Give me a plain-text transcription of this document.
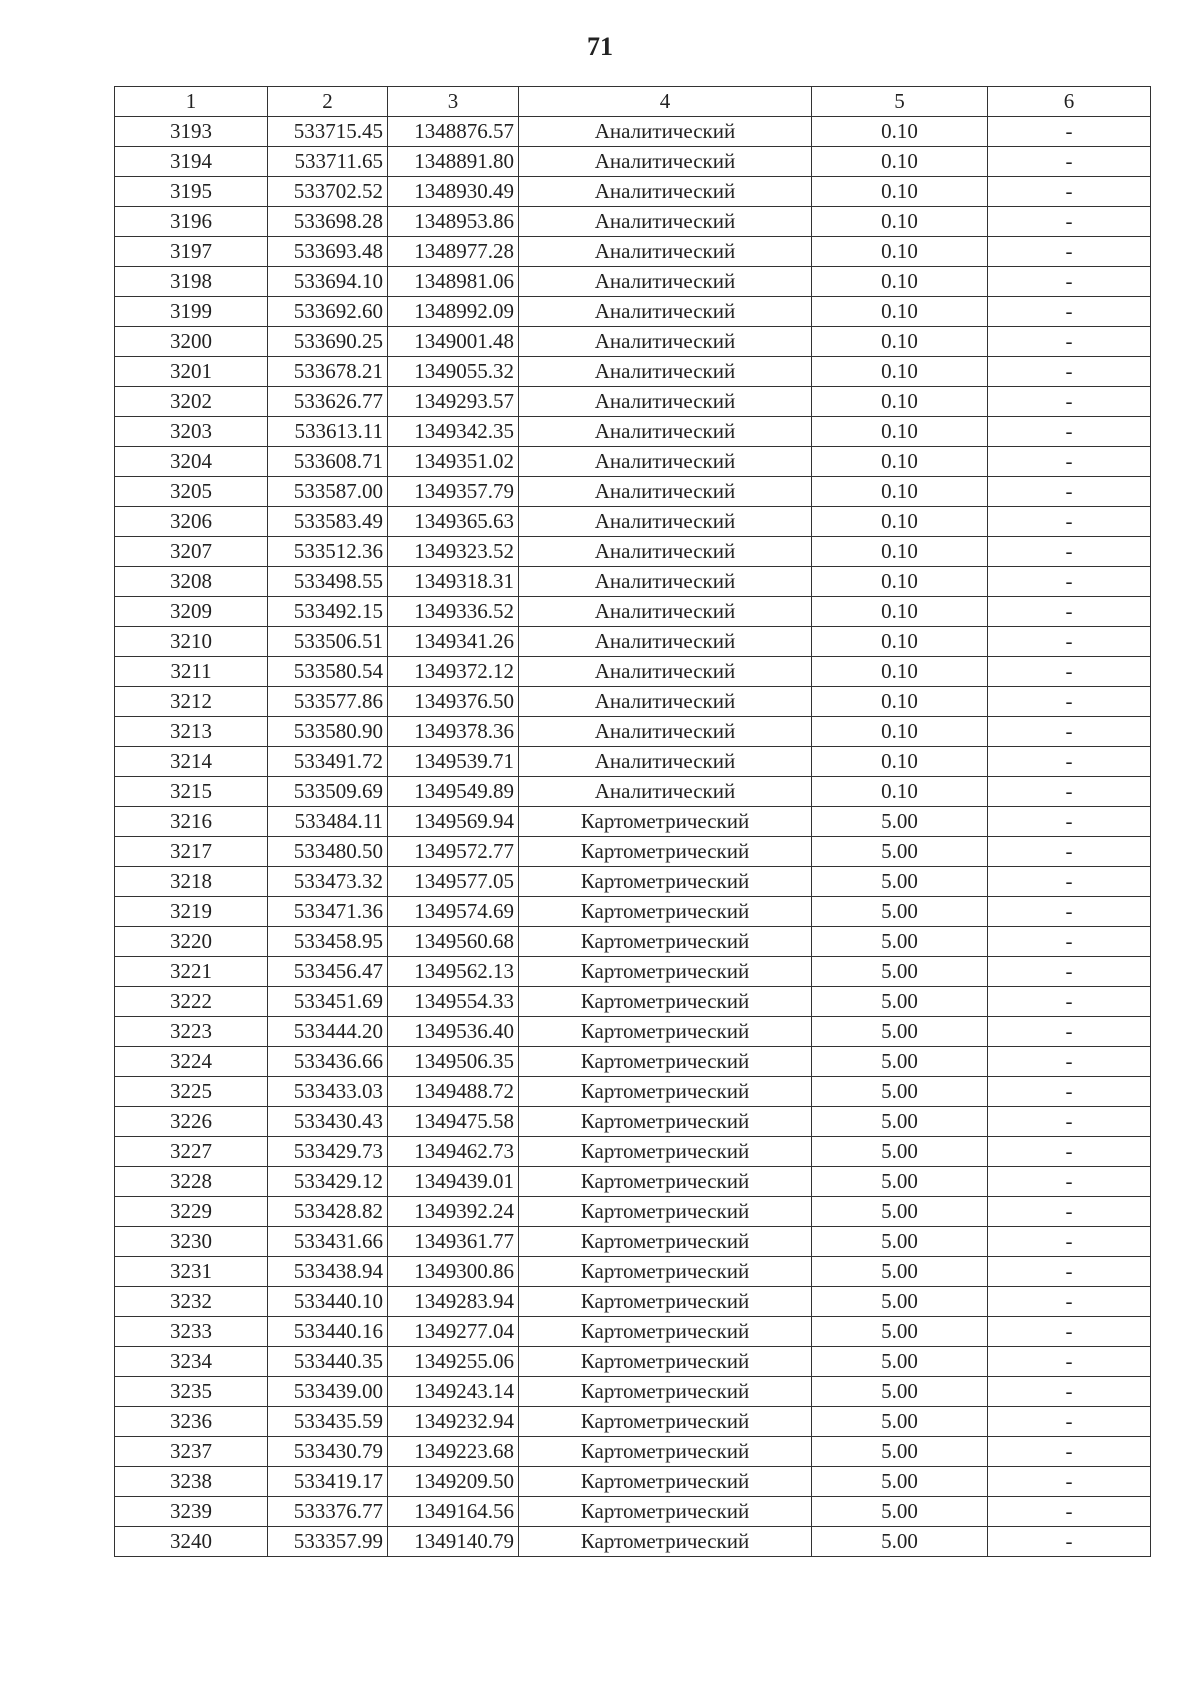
71
1	2	3	4	5	6
3193	533715.45	1348876.57	Аналитический	0.10	-
3194	533711.65	1348891.80	Аналитический	0.10	-
3195	533702.52	1348930.49	Аналитический	0.10	-
3196	533698.28	1348953.86	Аналитический	0.10	-
3197	533693.48	1348977.28	Аналитический	0.10	-
3198	533694.10	1348981.06	Аналитический	0.10	-
3199	533692.60	1348992.09	Аналитический	0.10	-
3200	533690.25	1349001.48	Аналитический	0.10	-
3201	533678.21	1349055.32	Аналитический	0.10	-
3202	533626.77	1349293.57	Аналитический	0.10	-
3203	533613.11	1349342.35	Аналитический	0.10	-
3204	533608.71	1349351.02	Аналитический	0.10	-
3205	533587.00	1349357.79	Аналитический	0.10	-
3206	533583.49	1349365.63	Аналитический	0.10	-
3207	533512.36	1349323.52	Аналитический	0.10	-
3208	533498.55	1349318.31	Аналитический	0.10	-
3209	533492.15	1349336.52	Аналитический	0.10	-
3210	533506.51	1349341.26	Аналитический	0.10	-
3211	533580.54	1349372.12	Аналитический	0.10	-
3212	533577.86	1349376.50	Аналитический	0.10	-
3213	533580.90	1349378.36	Аналитический	0.10	-
3214	533491.72	1349539.71	Аналитический	0.10	-
3215	533509.69	1349549.89	Аналитический	0.10	-
3216	533484.11	1349569.94	Картометрический	5.00	-
3217	533480.50	1349572.77	Картометрический	5.00	-
3218	533473.32	1349577.05	Картометрический	5.00	-
3219	533471.36	1349574.69	Картометрический	5.00	-
3220	533458.95	1349560.68	Картометрический	5.00	-
3221	533456.47	1349562.13	Картометрический	5.00	-
3222	533451.69	1349554.33	Картометрический	5.00	-
3223	533444.20	1349536.40	Картометрический	5.00	-
3224	533436.66	1349506.35	Картометрический	5.00	-
3225	533433.03	1349488.72	Картометрический	5.00	-
3226	533430.43	1349475.58	Картометрический	5.00	-
3227	533429.73	1349462.73	Картометрический	5.00	-
3228	533429.12	1349439.01	Картометрический	5.00	-
3229	533428.82	1349392.24	Картометрический	5.00	-
3230	533431.66	1349361.77	Картометрический	5.00	-
3231	533438.94	1349300.86	Картометрический	5.00	-
3232	533440.10	1349283.94	Картометрический	5.00	-
3233	533440.16	1349277.04	Картометрический	5.00	-
3234	533440.35	1349255.06	Картометрический	5.00	-
3235	533439.00	1349243.14	Картометрический	5.00	-
3236	533435.59	1349232.94	Картометрический	5.00	-
3237	533430.79	1349223.68	Картометрический	5.00	-
3238	533419.17	1349209.50	Картометрический	5.00	-
3239	533376.77	1349164.56	Картометрический	5.00	-
3240	533357.99	1349140.79	Картометрический	5.00	-
